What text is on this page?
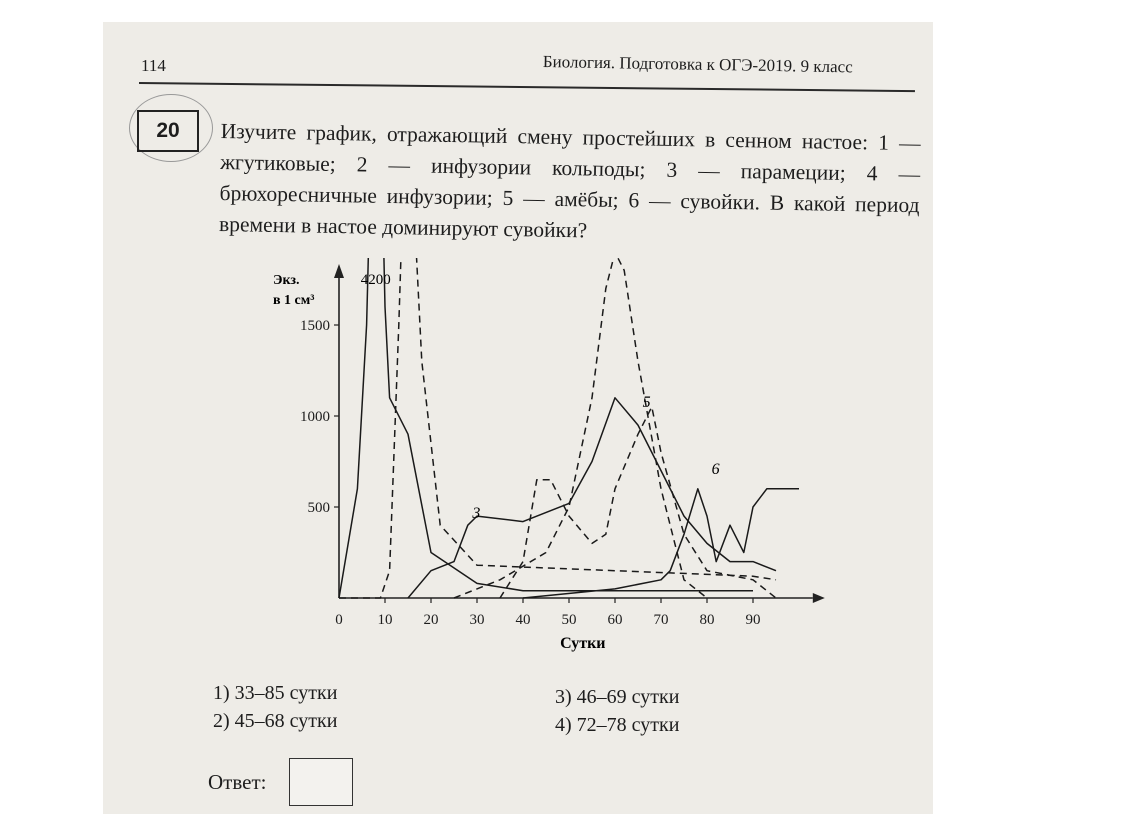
114	Биология. Подготовка к ОГЭ-2019. 9 класс
20	Изучите график, отражающий смену простейших в сенном настое: 1 — жгутиковые; 2 — инфузории кольподы; 3 — парамеции; 4 — брюхоресничные инфузории; 5 — амёбы; 6 — сувойки. В какой период времени в настое доминируют сувойки?
500
1000
1500
0 10 20 30 40 50 60 70 80 90
Экз.
в 1 см³
Сутки
4200
3
5
6
1) 33–85 сутки
2) 45–68 сутки
3) 46–69 сутки
4) 72–78 сутки
Ответ:
